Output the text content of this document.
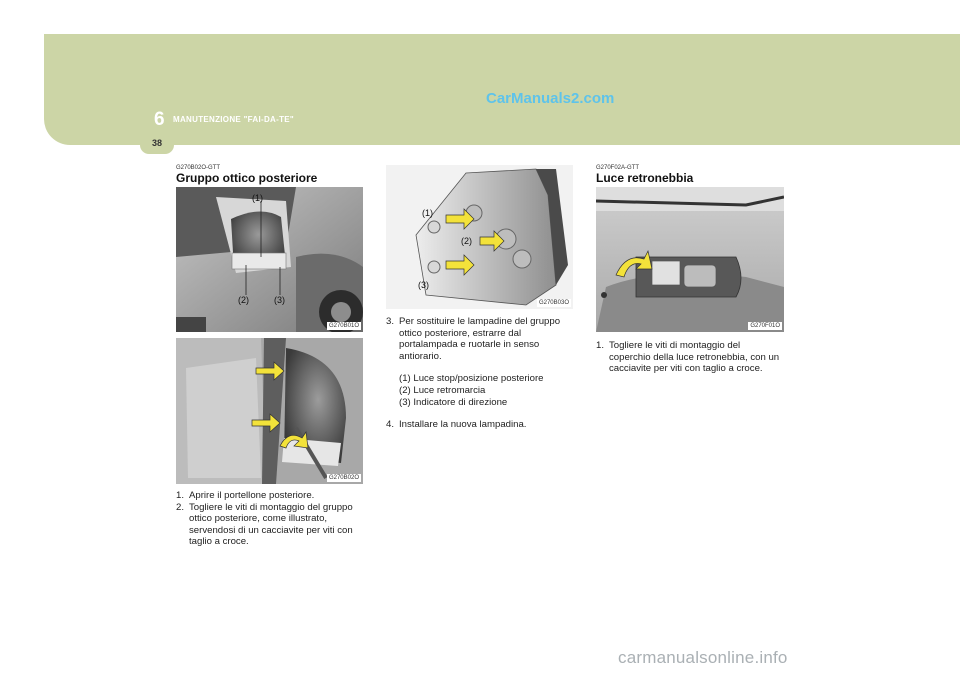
6 MANUTENZIONE "FAI-DA-TE"
CarManuals2.com
38
G270B02O-GTT
Gruppo ottico posteriore
(1)
(2)	(3)
G270B01O
G270B02O

1. Aprire il portellone posteriore.

2. Togliere le viti di montaggio del gruppo ottico posteriore, come illustrato, servendosi di un cacciavite per viti con taglio a croce.

(1)
(2)
(3)
G270B03O

3. Per sostituire le lampadine del gruppo ottico posteriore, estrarre dal portalampada e ruotarle in senso antiorario.

(1) Luce stop/posizione posteriore

(2) Luce retromarcia

(3) Indicatore di direzione

4. Installare la nuova lampadina.

G270F02A-GTT
Luce retronebbia
G270F01O

1. Togliere le viti di montaggio del coperchio della luce retronebbia, con un cacciavite per viti con taglio a croce.

carmanualsonline.info
